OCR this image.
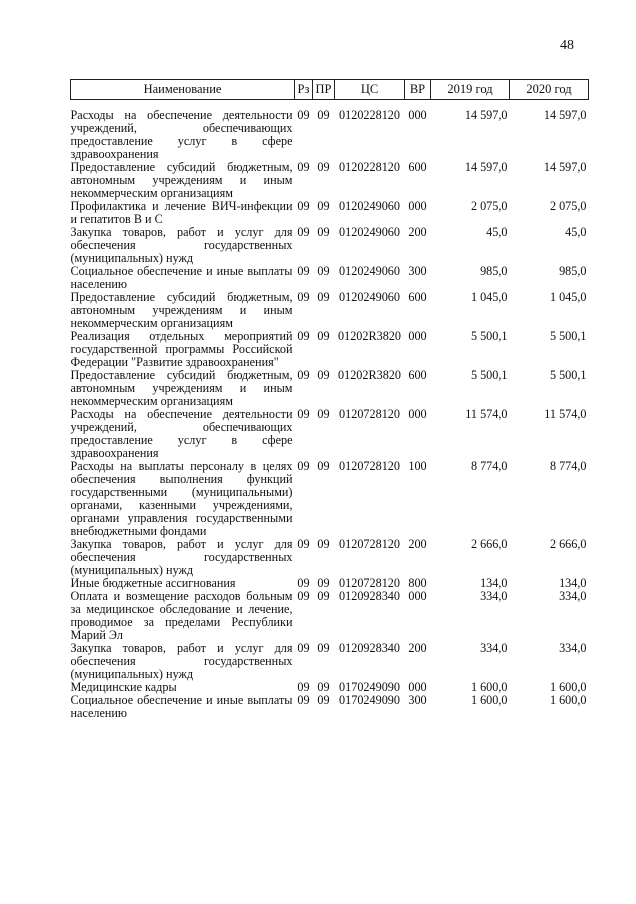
48
Наименование	Рз	ПР	ЦС	ВР	2019 год	2020 год
Расходы на обеспечение деятельности учреждений, обеспечивающих предоставление услуг в сфере здравоохранения	09	09	0120228120	000	14 597,0	14 597,0
Предоставление субсидий бюджетным, автономным учреждениям и иным некоммерческим организациям	09	09	0120228120	600	14 597,0	14 597,0
Профилактика и лечение ВИЧ-инфекции и гепатитов В и С	09	09	0120249060	000	2 075,0	2 075,0
Закупка товаров, работ и услуг для обеспечения государственных (муниципальных) нужд	09	09	0120249060	200	45,0	45,0
Социальное обеспечение и иные выплаты населению	09	09	0120249060	300	985,0	985,0
Предоставление субсидий бюджетным, автономным учреждениям и иным некоммерческим организациям	09	09	0120249060	600	1 045,0	1 045,0
Реализация отдельных мероприятий государственной программы Российской Федерации "Развитие здравоохранения"	09	09	01202R3820	000	5 500,1	5 500,1
Предоставление субсидий бюджетным, автономным учреждениям и иным некоммерческим организациям	09	09	01202R3820	600	5 500,1	5 500,1
Расходы на обеспечение деятельности учреждений, обеспечивающих предоставление услуг в сфере здравоохранения	09	09	0120728120	000	11 574,0	11 574,0
Расходы на выплаты персоналу в целях обеспечения выполнения функций государственными (муниципальными) органами, казенными учреждениями, органами управления государственными внебюджетными фондами	09	09	0120728120	100	8 774,0	8 774,0
Закупка товаров, работ и услуг для обеспечения государственных (муниципальных) нужд	09	09	0120728120	200	2 666,0	2 666,0
Иные бюджетные ассигнования	09	09	0120728120	800	134,0	134,0
Оплата и возмещение расходов больным за медицинское обследование и лечение, проводимое за пределами Республики Марий Эл	09	09	0120928340	000	334,0	334,0
Закупка товаров, работ и услуг для обеспечения государственных (муниципальных) нужд	09	09	0120928340	200	334,0	334,0
Медицинские кадры	09	09	0170249090	000	1 600,0	1 600,0
Социальное обеспечение и иные выплаты населению	09	09	0170249090	300	1 600,0	1 600,0
